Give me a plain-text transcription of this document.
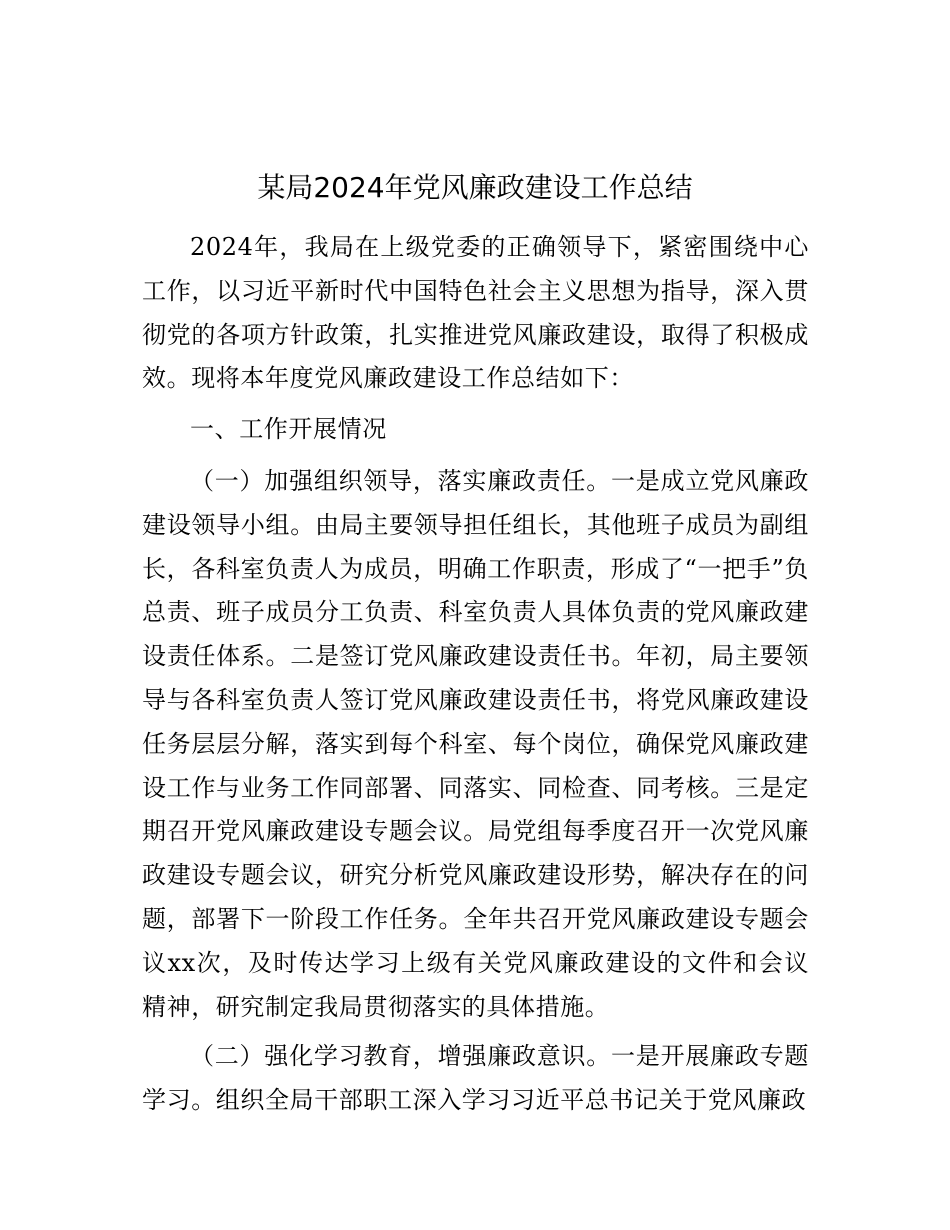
某局2024年党风廉政建设工作总结

2024年，我局在上级党委的正确领导下，紧密围绕中心工作，以习近平新时代中国特色社会主义思想为指导，深入贯彻党的各项方针政策，扎实推进党风廉政建设，取得了积极成效。现将本年度党风廉政建设工作总结如下：

一、工作开展情况

（一）加强组织领导，落实廉政责任。一是成立党风廉政建设领导小组。由局主要领导担任组长，其他班子成员为副组长，各科室负责人为成员，明确工作职责，形成了“一把手”负总责、班子成员分工负责、科室负责人具体负责的党风廉政建设责任体系。二是签订党风廉政建设责任书。年初，局主要领导与各科室负责人签订党风廉政建设责任书，将党风廉政建设任务层层分解，落实到每个科室、每个岗位，确保党风廉政建设工作与业务工作同部署、同落实、同检查、同考核。三是定期召开党风廉政建设专题会议。局党组每季度召开一次党风廉政建设专题会议，研究分析党风廉政建设形势，解决存在的问题，部署下一阶段工作任务。全年共召开党风廉政建设专题会议xx次，及时传达学习上级有关党风廉政建设的文件和会议精神，研究制定我局贯彻落实的具体措施。

（二）强化学习教育，增强廉政意识。一是开展廉政专题学习。组织全局干部职工深入学习习近平总书记关于党风廉政
